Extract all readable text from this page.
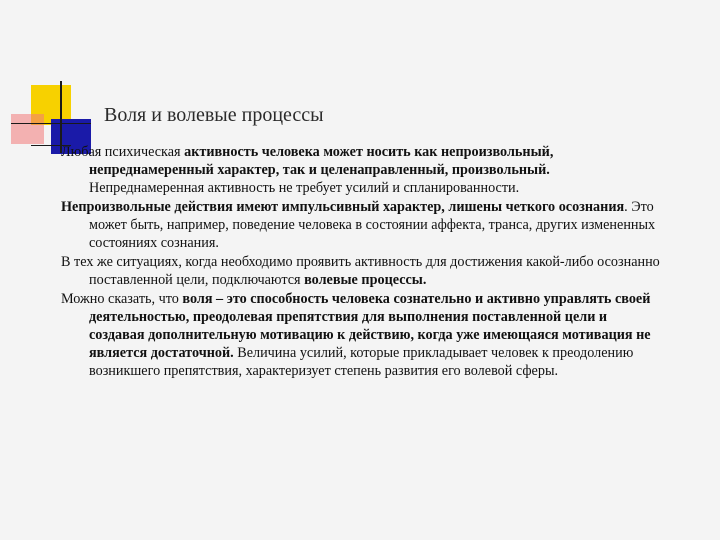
Воля и волевые процессы

Любая психическая активность человека может носить как непроизвольный, непреднамеренный характер, так и целенаправленный, произвольный. Непреднамеренная активность не требует усилий и спланированности.

Непроизвольные действия имеют импульсивный характер, лишены четкого осознания. Это может быть, например, поведение человека в состоянии аффекта, транса, других измененных состояниях сознания.

В тех же ситуациях, когда необходимо проявить активность для достижения какой-либо осознанно поставленной цели, подключаются волевые процессы.

Можно сказать, что воля – это способность человека сознательно и активно управлять своей деятельностью, преодолевая препятствия для выполнения поставленной цели и создавая дополнительную мотивацию к действию, когда уже имеющаяся мотивация не является достаточной. Величина усилий, которые прикладывает человек к преодолению возникшего препятствия, характеризует степень развития его волевой сферы.
